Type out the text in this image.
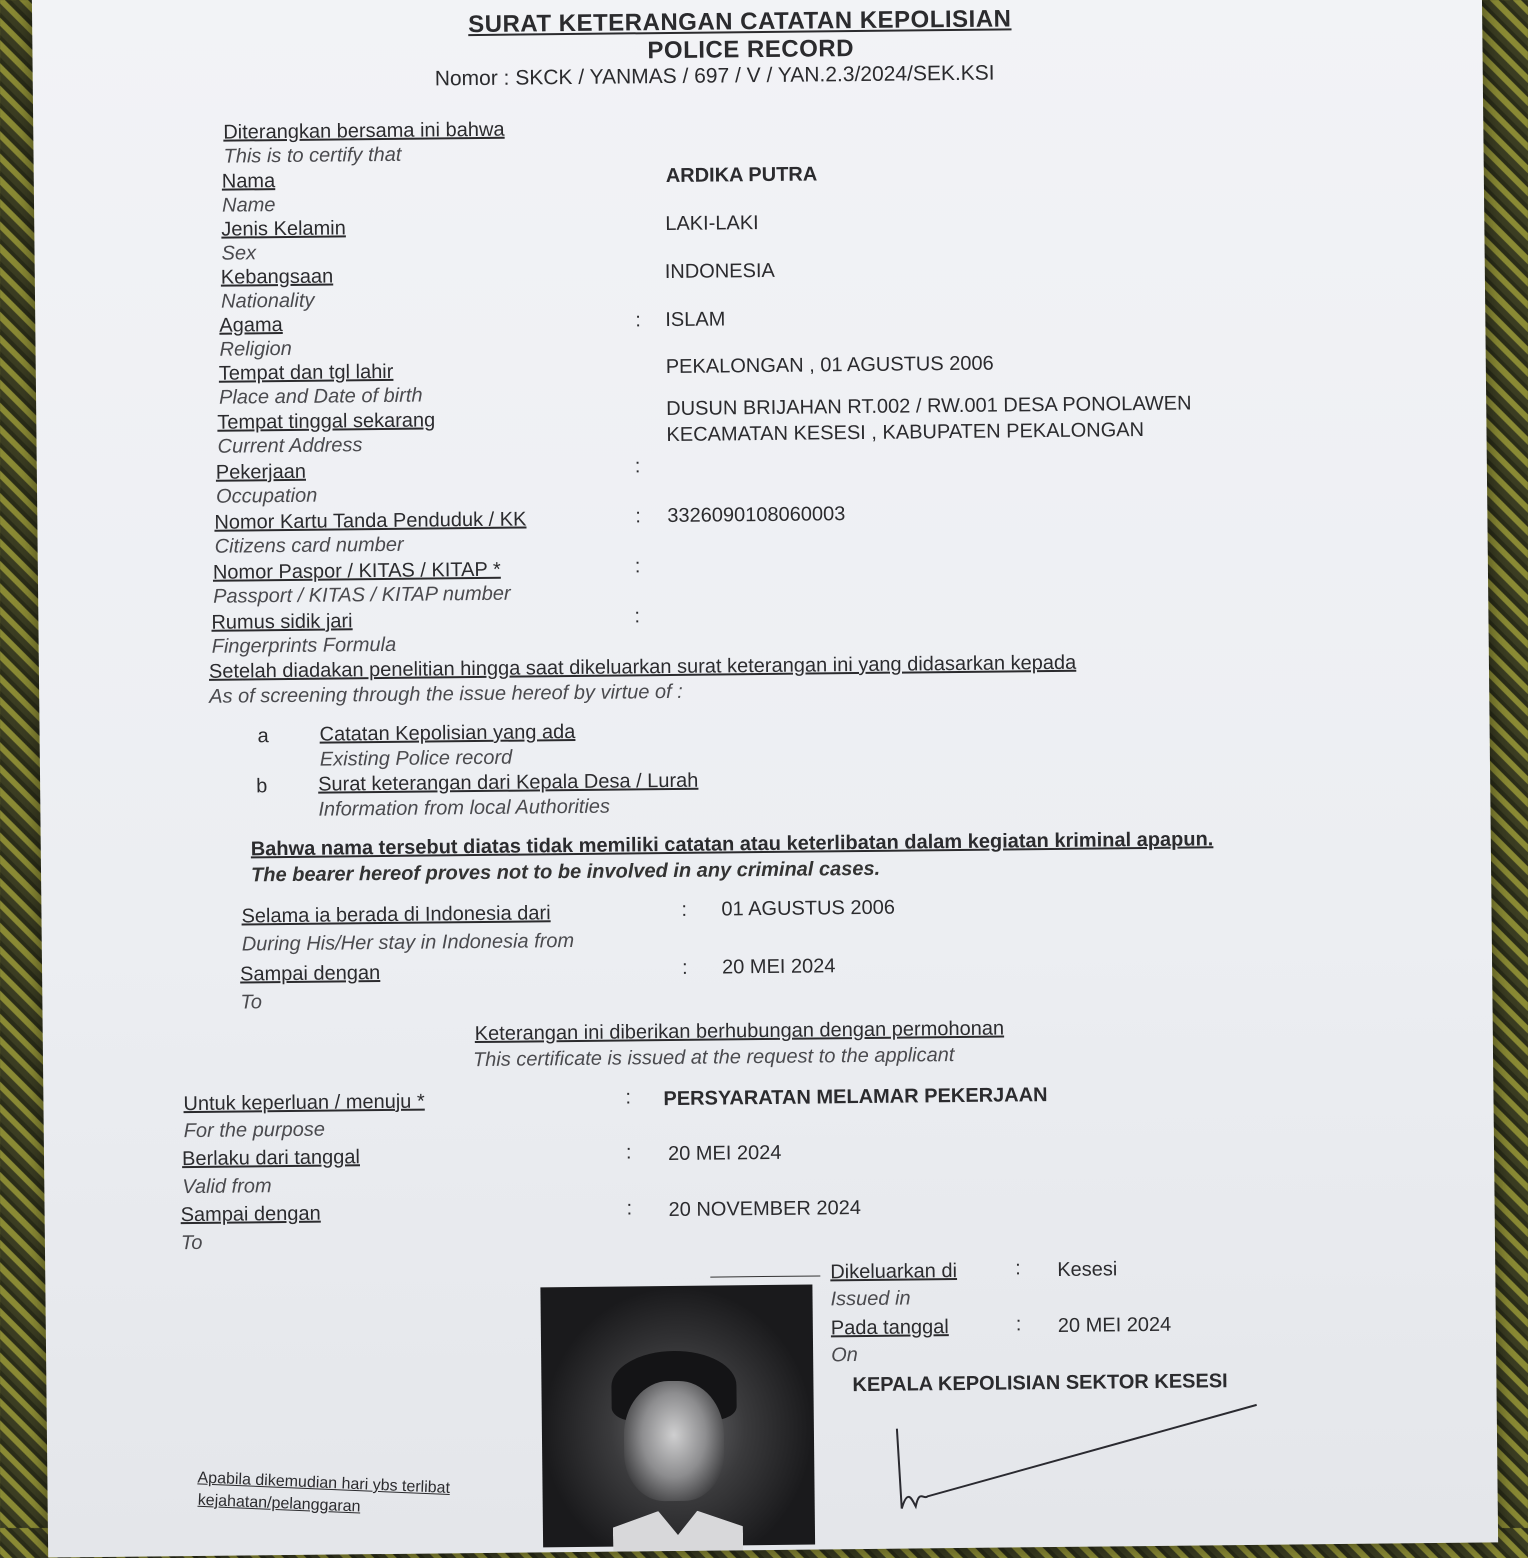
SURAT KETERANGAN CATATAN KEPOLISIAN
POLICE RECORD
Nomor : SKCK / YANMAS / 697 / V / YAN.2.3/2024/SEK.KSI
Diterangkan bersama ini bahwa
This is to certify that
Nama
Name
ARDIKA PUTRA
Jenis Kelamin
Sex
LAKI-LAKI
Kebangsaan
Nationality
INDONESIA
Agama
Religion
: ISLAM
Tempat dan tgl lahir
Place and Date of birth
PEKALONGAN , 01 AGUSTUS 2006
Tempat tinggal sekarang
Current Address
DUSUN BRIJAHAN RT.002 / RW.001 DESA PONOLAWEN
KECAMATAN KESESI , KABUPATEN PEKALONGAN
Pekerjaan
Occupation
:
Nomor Kartu Tanda Penduduk / KK
Citizens card number
: 3326090108060003
Nomor Paspor / KITAS / KITAP *
Passport / KITAS / KITAP number
:
Rumus sidik jari
Fingerprints Formula
:
Setelah diadakan penelitian hingga saat dikeluarkan surat keterangan ini yang didasarkan kepada
As of screening through the issue hereof by virtue of :
a	Catatan Kepolisian yang ada
Existing Police record
b	Surat keterangan dari Kepala Desa / Lurah
Information from local Authorities
Bahwa nama tersebut diatas tidak memiliki catatan atau keterlibatan dalam kegiatan kriminal apapun.
The bearer hereof proves not to be involved in any criminal cases.
Selama ia berada di Indonesia dari
During His/Her stay in Indonesia from
: 01 AGUSTUS 2006
Sampai dengan
To
: 20 MEI 2024
Keterangan ini diberikan berhubungan dengan permohonan
This certificate is issued at the request to the applicant
Untuk keperluan / menuju *
For the purpose
: PERSYARATAN MELAMAR PEKERJAAN
Berlaku dari tanggal
Valid from
: 20 MEI 2024
Sampai dengan
To
: 20 NOVEMBER 2024
Dikeluarkan di
Issued in
: Kesesi
Pada tanggal
On
: 20 MEI 2024
KEPALA KEPOLISIAN SEKTOR KESESI
Apabila dikemudian hari ybs terlibat
kejahatan/pelanggaran
